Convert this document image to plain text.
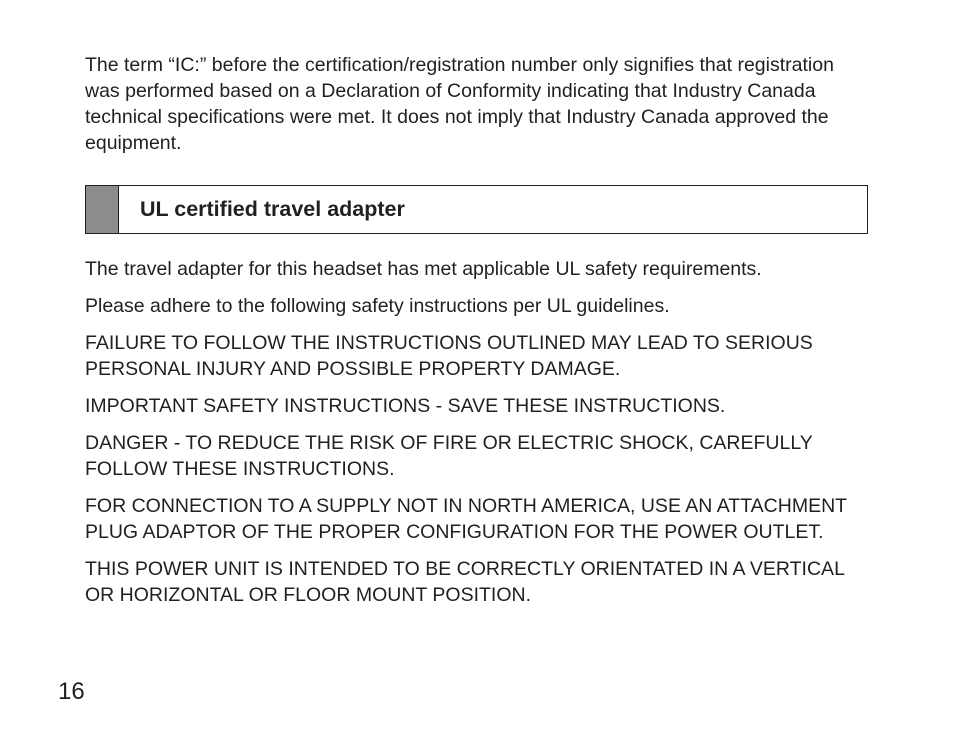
The term “IC:” before the certification/registration number only signifies that registration was performed based on a Declaration of Conformity indicating that Industry Canada technical specifications were met. It does not imply that Industry Canada approved the equipment.

UL certified travel adapter

The travel adapter for this headset has met applicable UL safety requirements.

Please adhere to the following safety instructions per UL guidelines.

FAILURE TO FOLLOW THE INSTRUCTIONS OUTLINED MAY LEAD TO SERIOUS PERSONAL INJURY AND POSSIBLE PROPERTY DAMAGE.

IMPORTANT SAFETY INSTRUCTIONS - SAVE THESE INSTRUCTIONS.

DANGER - TO REDUCE THE RISK OF FIRE OR ELECTRIC SHOCK, CAREFULLY FOLLOW THESE INSTRUCTIONS.

FOR CONNECTION TO A SUPPLY NOT IN NORTH AMERICA, USE AN ATTACHMENT PLUG ADAPTOR OF THE PROPER CONFIGURATION FOR THE POWER OUTLET.

THIS POWER UNIT IS INTENDED TO BE CORRECTLY ORIENTATED IN A VERTICAL OR HORIZONTAL OR FLOOR MOUNT POSITION.

16
